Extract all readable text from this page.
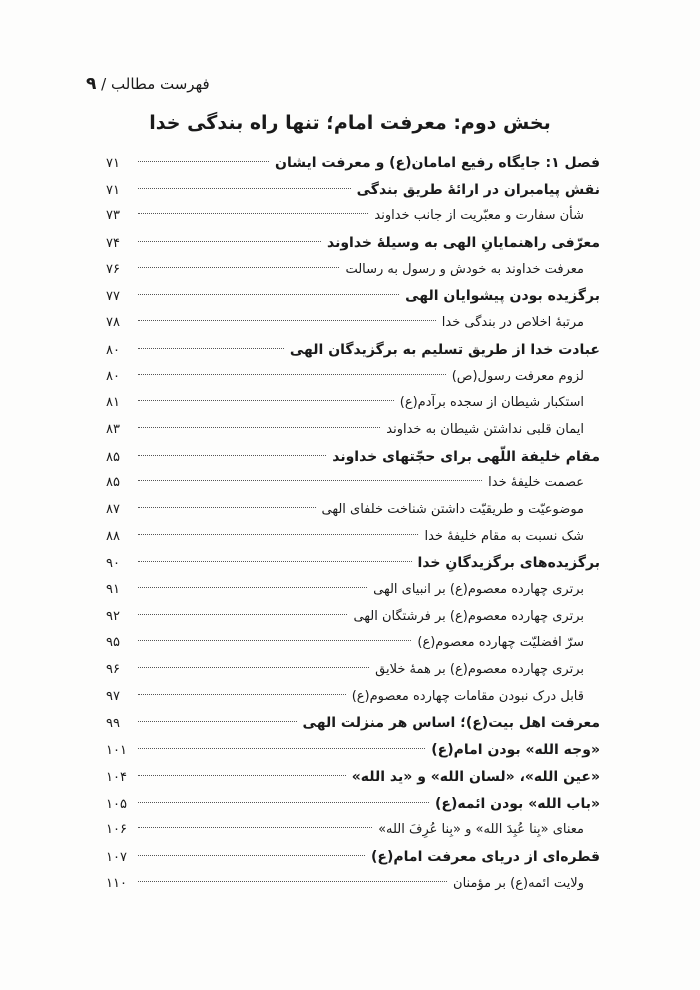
فهرست مطالب / ۹
بخش دوم: معرفت امام؛ تنها راه بندگی خدا
فصل ۱: جایگاه رفیع امامان(ع) و معرفت ایشان
۷۱
نقش پیامبران در ارائهٔ طریق بندگی
۷۱
شأن سفارت و معبّریت از جانب خداوند
۷۳
معرّفی راهنمایانِ الهی به وسیلهٔ خداوند
۷۴
معرفت خداوند به خودش و رسول به رسالت
۷۶
برگزیده بودن پیشوایان الهی
۷۷
مرتبهٔ اخلاص در بندگی خدا
۷۸
عبادت خدا از طریق تسلیم به برگزیدگان الهی
۸۰
لزوم معرفت رسول(ص)
۸۰
استکبار شیطان از سجده برآدم(ع)
۸۱
ایمان قلبی نداشتن شیطان به خداوند
۸۳
مقام خلیفة اللّهی برای حجّتهای خداوند
۸۵
عصمت خلیفهٔ خدا
۸۵
موضوعیّت و طریقیّت داشتن شناخت خلفای الهی
۸۷
شک نسبت به مقام خلیفهٔ خدا
۸۸
برگزیده‌های برگزیدگانِ خدا
۹۰
برتری چهارده معصوم(ع) بر انبیای الهی
۹۱
برتری چهارده معصوم(ع) بر فرشتگان الهی
۹۲
سرّ افضلیّت چهارده معصوم(ع)
۹۵
برتری چهارده معصوم(ع) بر همهٔ خلایق
۹۶
قابل درک نبودن مقامات چهارده معصوم(ع)
۹۷
معرفت اهل بیت(ع)؛ اساس هر منزلت الهی
۹۹
«وجه الله» بودن امام(ع)
۱۰۱
«عین الله»، «لسان الله» و «ید الله»
۱۰۴
«باب الله» بودن ائمه(ع)
۱۰۵
معنای «بِنا عُبِدَ الله» و «بِنا عُرِفَ الله»
۱۰۶
قطره‌ای از دریای معرفت امام(ع)
۱۰۷
ولایت ائمه(ع) بر مؤمنان
۱۱۰
